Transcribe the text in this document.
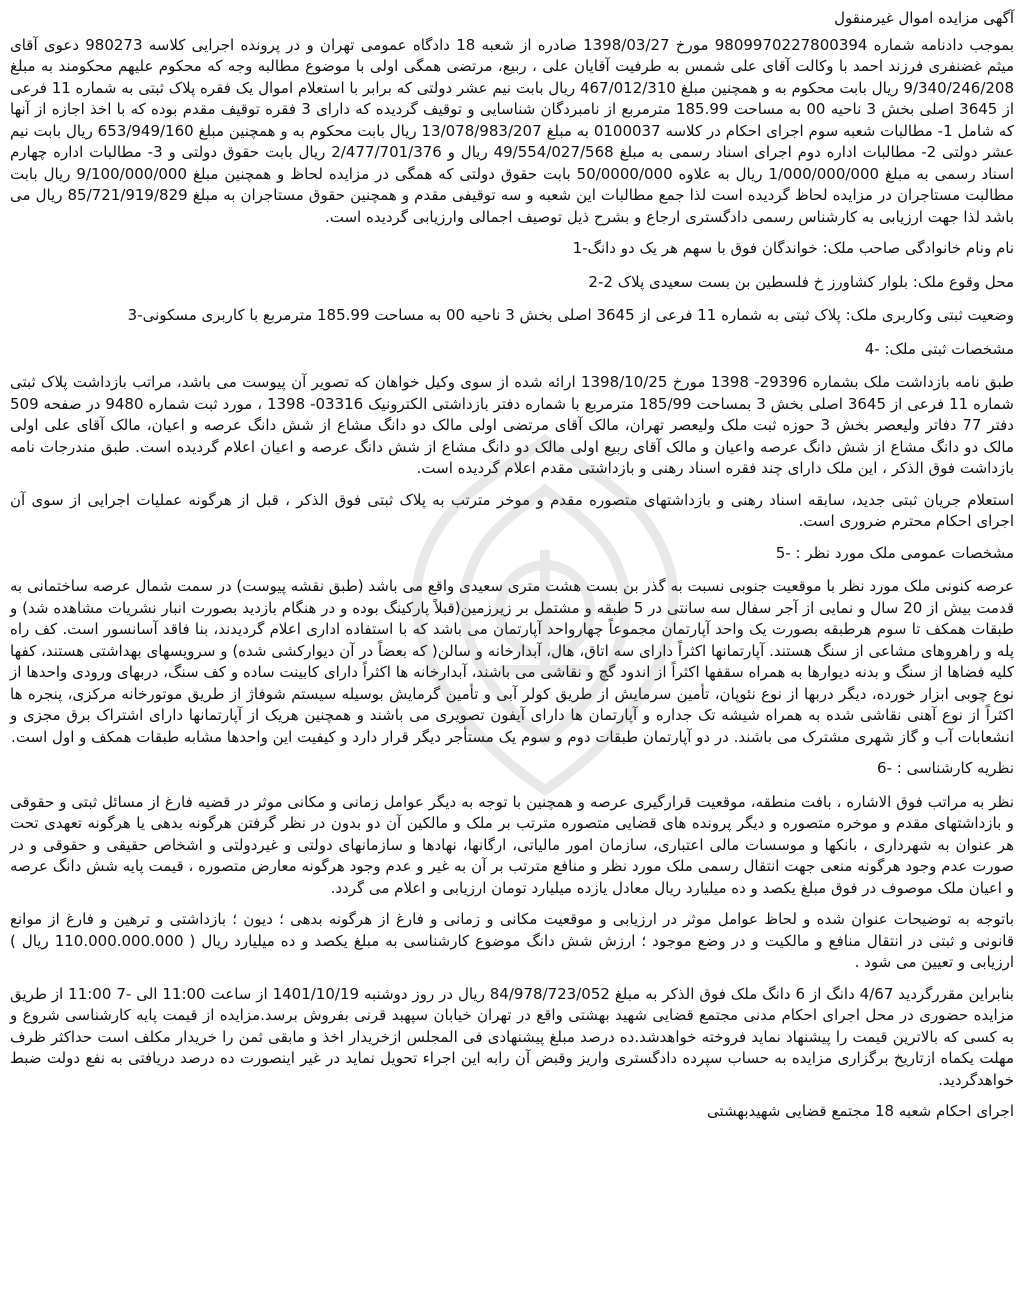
آگهی مزایده اموال غیرمنقول

بموجب دادنامه شماره 9809970227800394 مورخ 1398/03/27 صادره از شعبه 18 دادگاه عمومی تهران و در پرونده اجرایی کلاسه 980273 دعوی آقای میثم غضنفری فرزند احمد با وکالت آقای علی شمس به طرفیت آقایان علی ، ربیع، مرتضی همگی اولی با موضوع مطالبه وجه که محکوم علیهم محکومند به مبلغ 9/340/246/208 ریال بابت محکوم به و همچنین مبلغ 467/012/310 ریال بابت نیم عشر دولتی که برابر با استعلام اموال یک فقره پلاک ثبتی به شماره 11 فرعی از 3645 اصلی بخش 3 ناحیه 00 به مساحت 185.99 مترمربع از نامبردگان شناسایی و توقیف گردیده که دارای 3 فقره توقیف مقدم بوده که با اخذ اجازه از آنها که شامل 1- مطالبات شعبه سوم اجرای احکام در کلاسه 0100037 به مبلغ 13/078/983/207 ریال بابت محکوم به و همچنین مبلغ 653/949/160 ریال بابت نیم عشر دولتی 2- مطالبات اداره دوم اجرای اسناد رسمی به مبلغ 49/554/027/568 ریال و 2/477/701/376 ریال بابت حقوق دولتی و 3- مطالبات اداره چهارم اسناد رسمی به مبلغ 1/000/000/000 ریال به علاوه 50/0000/000 بابت حقوق دولتی که همگی در مزایده لحاظ و همچنین مبلغ 9/100/000/000 ریال بابت مطالبت مستاجران در مزایده لحاظ گردیده است لذا جمع مطالبات این شعبه و سه توقیفی مقدم و همچنین حقوق مستاجران به مبلغ 85/721/919/829 ریال می باشد لذا جهت ارزیابی به کارشناس رسمی دادگستری ارجاع و بشرح ذیل توصیف اجمالی وارزیابی گردیده است.

نام ونام خانوادگی صاحب ملک: خواندگان فوق با سهم هر یک دو دانگ-1
محل وقوع ملک: بلوار کشاورز خ فلسطین بن بست سعیدی پلاک 2-2
وضعیت ثبتی وکاربری ملک: پلاک ثبتی به شماره 11 فرعی از 3645 اصلی بخش 3 ناحیه 00 به مساحت 185.99 مترمربع با کاربری مسکونی-3
مشخصات ثبتی ملک: -4

طبق نامه بازداشت ملک بشماره 29396- 1398 مورخ 1398/10/25 ارائه شده از سوی وکیل خواهان که تصویر آن پیوست می باشد، مراتب بازداشت پلاک ثبتی شماره 11 فرعی از 3645 اصلی بخش 3 بمساحت 185/99 مترمربع با شماره دفتر بازداشتی الکترونیک 03316- 1398 ، مورد ثبت شماره 9480 در صفحه 509 دفتر 77 دفاتر ولیعصر بخش 3 حوزه ثبت ملک ولیعصر تهران، مالک آقای مرتضی اولی مالک دو دانگ مشاع از شش دانگ عرصه و اعیان، مالک آقای علی اولی مالک دو دانگ مشاع از شش دانگ عرصه واعیان و مالک آقای ربیع اولی مالک دو دانگ مشاع از شش دانگ عرصه و اعیان اعلام گردیده است. طبق مندرجات نامه بازداشت فوق الذکر ، این ملک دارای چند فقره اسناد رهنی و بازداشتی مقدم اعلام گردیده است.

استعلام جریان ثبتی جدید، سابقه اسناد رهنی و بازداشتهای متصوره مقدم و موخر مترتب به پلاک ثبتی فوق الذکر ، قبل از هرگونه عملیات اجرایی از سوی آن اجرای احکام محترم ضروری است.

مشخصات عمومی ملک مورد نظر : -5

عرصه کنونی ملک مورد نظر با موقعیت جنوبی نسبت به گذر بن بست هشت متری سعیدی واقع می باشد (طبق نقشه پیوست) در سمت شمال عرصه ساختمانی به قدمت بیش از 20 سال و نمایی از آجر سفال سه سانتی در 5 طبقه و مشتمل بر زیرزمین(قبلاً پارکینگ بوده و در هنگام بازدید بصورت انبار نشریات مشاهده شد) و طبقات همکف تا سوم هرطبقه بصورت یک واحد آپارتمان مجموعاً چهارواحد آپارتمان می باشد که با استفاده اداری اعلام گردیدند، بنا فاقد آسانسور است. کف راه پله و راهروهای مشاعی از سنگ هستند. آپارتمانها اکثراً دارای سه اتاق، هال، آبدارخانه و سالن( که بعضاً در آن دیوارکشی شده) و سرویسهای بهداشتی هستند، کفها کلیه فضاها از سنگ و بدنه دیوارها به همراه سقفها اکثراً از اندود گچ و نقاشی می باشند، آبدارخانه ها اکثراً دارای کابینت ساده و کف سنگ، دربهای ورودی واحدها از نوع چوبی ابزار خورده، دیگر دربها از نوع نئوپان، تأمین سرمایش از طریق کولر آبی و تأمین گرمایش بوسیله سیستم شوفاژ از طریق موتورخانه مرکزی، پنجره ها اکثراً از نوع آهنی نقاشی شده به همراه شیشه تک جداره و آپارتمان ها دارای آیفون تصویری می باشند و همچنین هریک از آپارتمانها دارای اشتراک برق مجزی و انشعابات آب و گاز شهری مشترک می باشند. در دو آپارتمان طبقات دوم و سوم یک مستأجر دیگر قرار دارد و کیفیت این واحدها مشابه طبقات همکف و اول است.

نظریه کارشناسی : -6

نظر به مراتب فوق الاشاره ، بافت منطقه، موقعیت قرارگیری عرصه و همچنین با توجه به دیگر عوامل زمانی و مکانی موثر در قضیه فارغ از مسائل ثبتی و حقوقی و بازداشتهای مقدم و موخره متصوره و دیگر پرونده های قضایی متصوره مترتب بر ملک و مالکین آن دو بدون در نظر گرفتن هرگونه بدهی یا هرگونه تعهدی تحت هر عنوان به شهرداری ، بانکها و موسسات مالی اعتباری، سازمان امور مالیاتی، ارگانها، نهادها و سازمانهای دولتی و غیردولتی و اشخاص حقیقی و حقوقی و در صورت عدم وجود هرگونه منعی جهت انتقال رسمی ملک مورد نظر و منافع مترتب بر آن به غیر و عدم وجود هرگونه معارض متصوره ، قیمت پایه شش دانگ عرصه و اعیان ملک موصوف در فوق مبلغ یکصد و ده میلیارد ریال معادل یازده میلیارد تومان ارزیابی و اعلام می گردد.

باتوجه به توضیحات عنوان شده و لحاظ عوامل موثر در ارزیابی و موقعیت مکانی و زمانی و فارغ از هرگونه بدهی ؛ دیون ؛ بازداشتی و ترهین و فارغ از موانع قانونی و ثبتی در انتقال منافع و مالکیت و در وضع موجود ؛ ارزش شش دانگ موضوع کارشناسی به مبلغ یکصد و ده میلیارد ریال ( 110.000.000.000 ریال ) ارزیابی و تعیین می شود .

بنابراین مقررگردید 4/67 دانگ از 6 دانگ ملک فوق الذکر به مبلغ 84/978/723/052 ریال در روز دوشنبه 1401/10/19 از ساعت 11:00 الی -7 11:00 از طریق مزایده حضوری در محل اجرای احکام مدنی مجتمع قضایی شهید بهشتی واقع در تهران خیابان سپهبد قرنی بفروش برسد.مزایده از قیمت پایه کارشناسی شروع و به کسی که بالاترین قیمت را پیشنهاد نماید فروخته خواهدشد.ده درصد مبلغ پیشنهادی فی المجلس ازخریدار اخذ و مابقی ثمن را خریدار مکلف است حداکثر ظرف مهلت یکماه ازتاریخ برگزاری مزایده به حساب سپرده دادگستری واریز وقبض آن رابه این اجراء تحویل نماید در غیر اینصورت ده درصد دریافتی به نفع دولت ضبط خواهدگردید.

اجرای احکام شعبه 18 مجتمع قضایی شهیدبهشتی
